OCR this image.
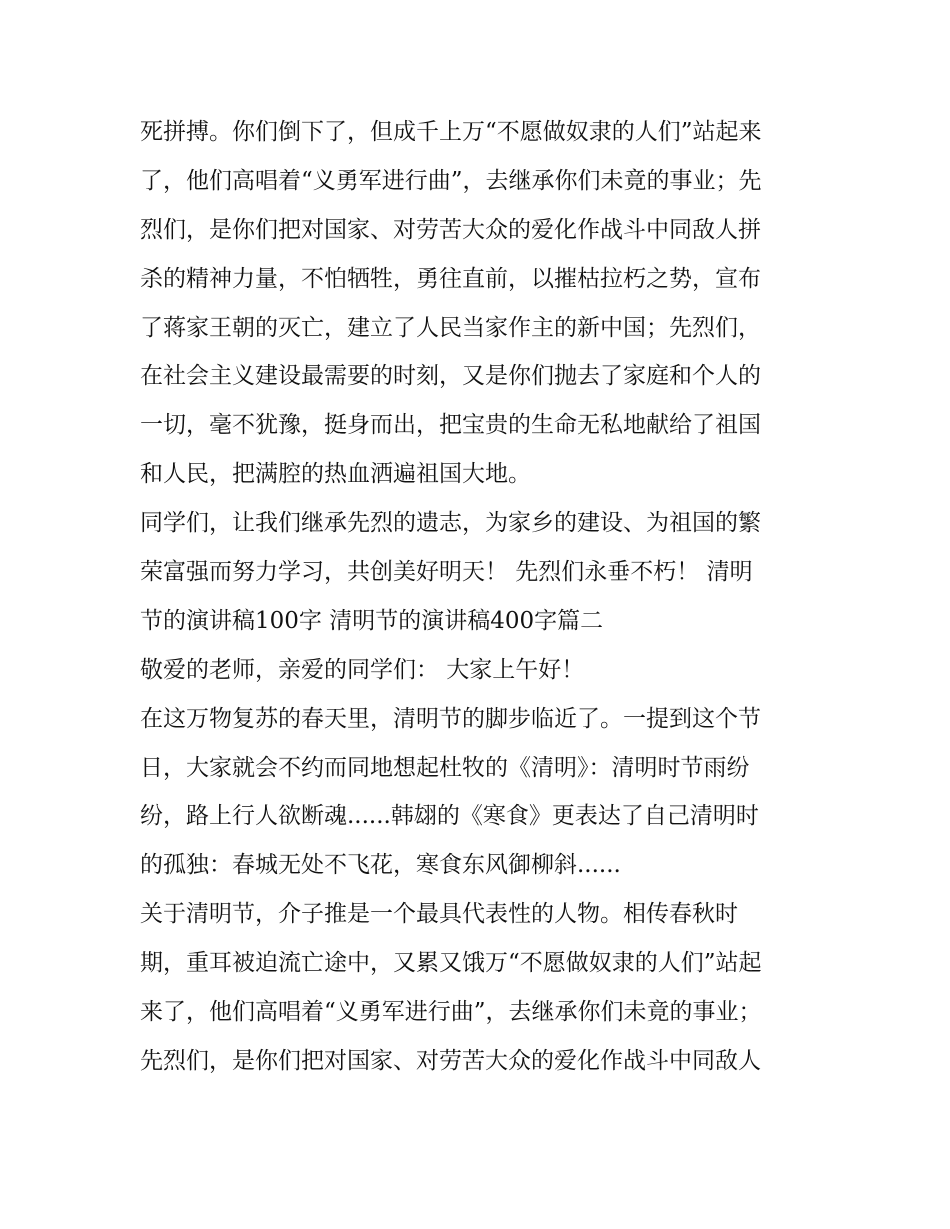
死拼搏。你们倒下了，但成千上万“不愿做奴隶的人们”站起来
了，他们高唱着“义勇军进行曲”，去继承你们未竟的事业；先
烈们，是你们把对国家、对劳苦大众的爱化作战斗中同敌人拼
杀的精神力量，不怕牺牲，勇往直前，以摧枯拉朽之势，宣布
了蒋家王朝的灭亡，建立了人民当家作主的新中国；先烈们，
在社会主义建设最需要的时刻，又是你们抛去了家庭和个人的
一切，毫不犹豫，挺身而出，把宝贵的生命无私地献给了祖国
和人民，把满腔的热血洒遍祖国大地。
同学们，让我们继承先烈的遗志，为家乡的建设、为祖国的繁
荣富强而努力学习，共创美好明天！ 先烈们永垂不朽！ 清明
节的演讲稿100字 清明节的演讲稿400字篇二
敬爱的老师，亲爱的同学们： 大家上午好！
在这万物复苏的春天里，清明节的脚步临近了。一提到这个节
日，大家就会不约而同地想起杜牧的《清明》：清明时节雨纷
纷，路上行人欲断魂......韩翃的《寒食》更表达了自己清明时
的孤独：春城无处不飞花，寒食东风御柳斜......
关于清明节，介子推是一个最具代表性的人物。相传春秋时
期，重耳被迫流亡途中，又累又饿万“不愿做奴隶的人们”站起
来了，他们高唱着“义勇军进行曲”，去继承你们未竟的事业；
先烈们，是你们把对国家、对劳苦大众的爱化作战斗中同敌人
